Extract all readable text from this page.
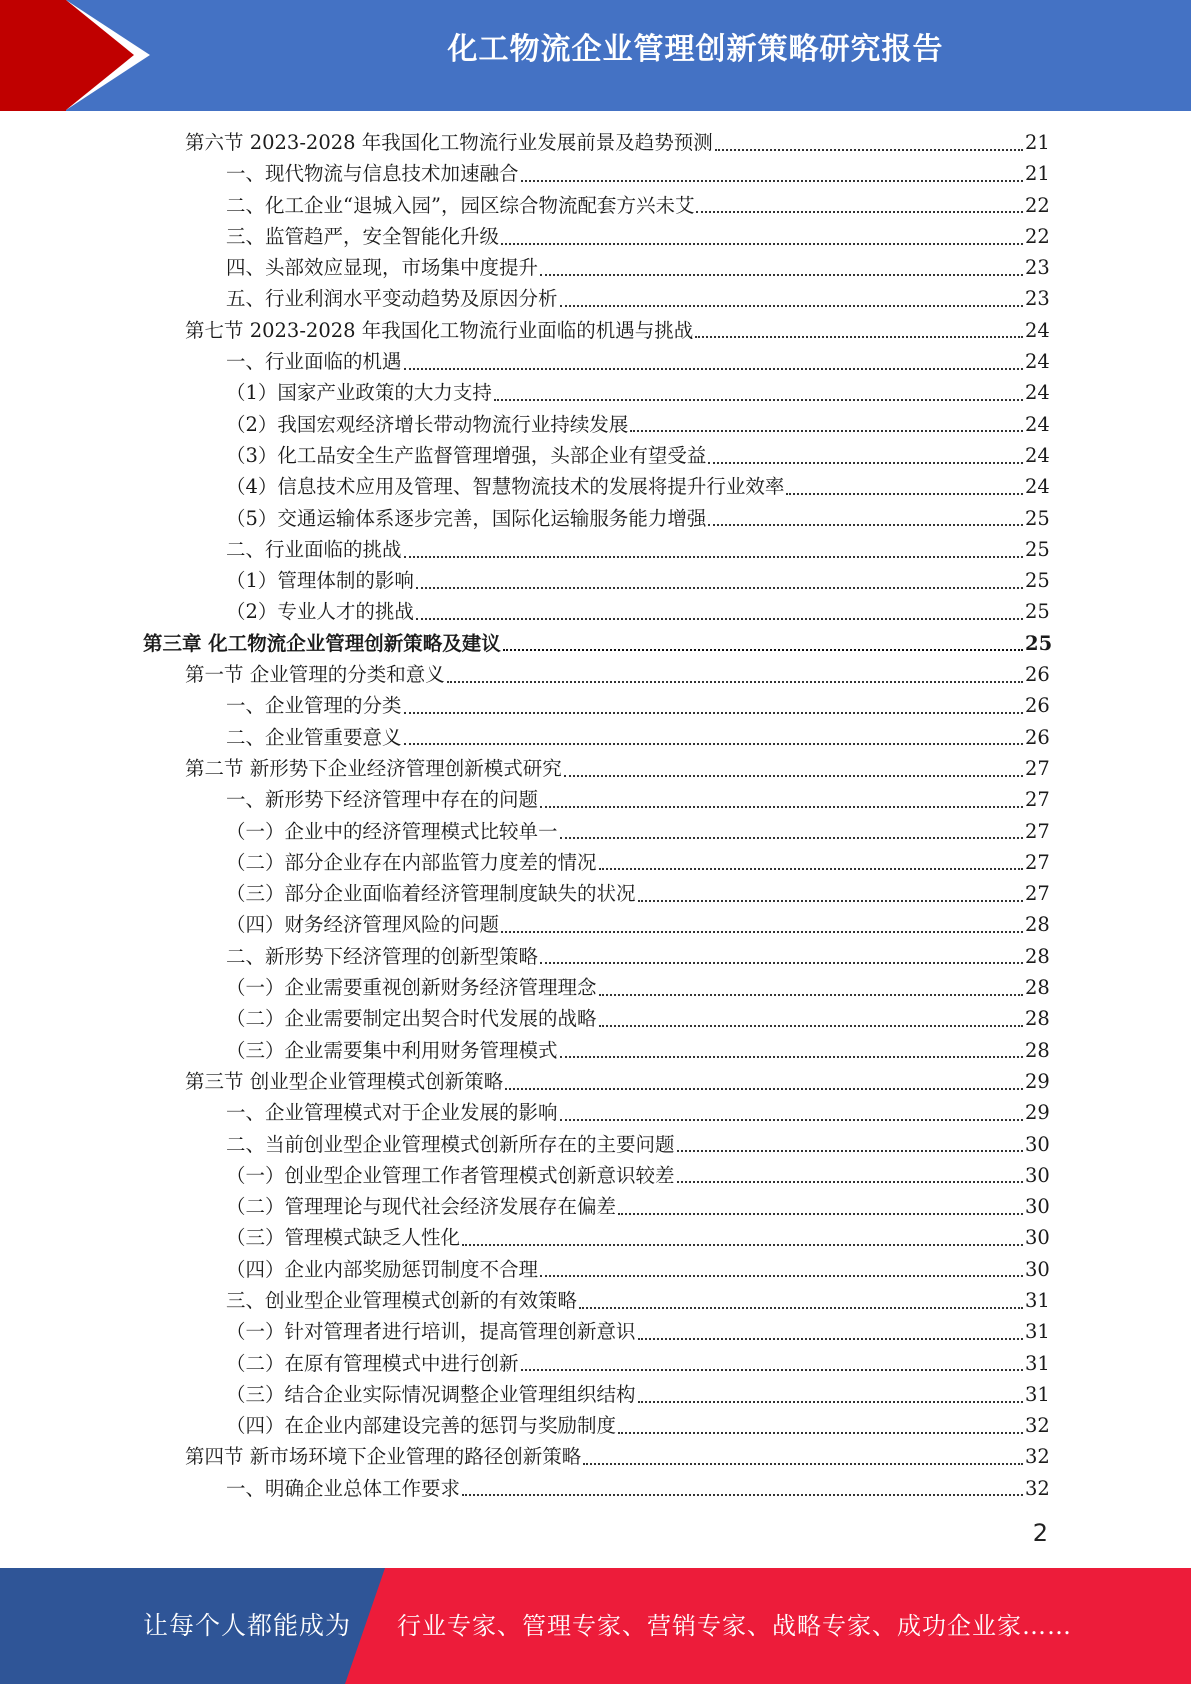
化工物流企业管理创新策略研究报告
第六节 2023-2028 年我国化工物流行业发展前景及趋势预测	21
一、现代物流与信息技术加速融合	21
二、化工企业“退城入园”，园区综合物流配套方兴未艾	22
三、监管趋严，安全智能化升级	22
四、头部效应显现，市场集中度提升	23
五、行业利润水平变动趋势及原因分析	23
第七节 2023-2028 年我国化工物流行业面临的机遇与挑战	24
一、行业面临的机遇	24
（1）国家产业政策的大力支持	24
（2）我国宏观经济增长带动物流行业持续发展	24
（3）化工品安全生产监督管理增强，头部企业有望受益	24
（4）信息技术应用及管理、智慧物流技术的发展将提升行业效率	24
（5）交通运输体系逐步完善，国际化运输服务能力增强	25
二、行业面临的挑战	25
（1）管理体制的影响	25
（2）专业人才的挑战	25
第三章 化工物流企业管理创新策略及建议	25
第一节 企业管理的分类和意义	26
一、企业管理的分类	26
二、企业管重要意义	26
第二节 新形势下企业经济管理创新模式研究	27
一、新形势下经济管理中存在的问题	27
（一）企业中的经济管理模式比较单一	27
（二）部分企业存在内部监管力度差的情况	27
（三）部分企业面临着经济管理制度缺失的状况	27
（四）财务经济管理风险的问题	28
二、新形势下经济管理的创新型策略	28
（一）企业需要重视创新财务经济管理理念	28
（二）企业需要制定出契合时代发展的战略	28
（三）企业需要集中利用财务管理模式	28
第三节 创业型企业管理模式创新策略	29
一、企业管理模式对于企业发展的影响	29
二、当前创业型企业管理模式创新所存在的主要问题	30
（一）创业型企业管理工作者管理模式创新意识较差	30
（二）管理理论与现代社会经济发展存在偏差	30
（三）管理模式缺乏人性化	30
（四）企业内部奖励惩罚制度不合理	30
三、创业型企业管理模式创新的有效策略	31
（一）针对管理者进行培训，提高管理创新意识	31
（二）在原有管理模式中进行创新	31
（三）结合企业实际情况调整企业管理组织结构	31
（四）在企业内部建设完善的惩罚与奖励制度	32
第四节 新市场环境下企业管理的路径创新策略	32
一、明确企业总体工作要求	32
2
让每个人都能成为 行业专家、管理专家、营销专家、战略专家、成功企业家……
